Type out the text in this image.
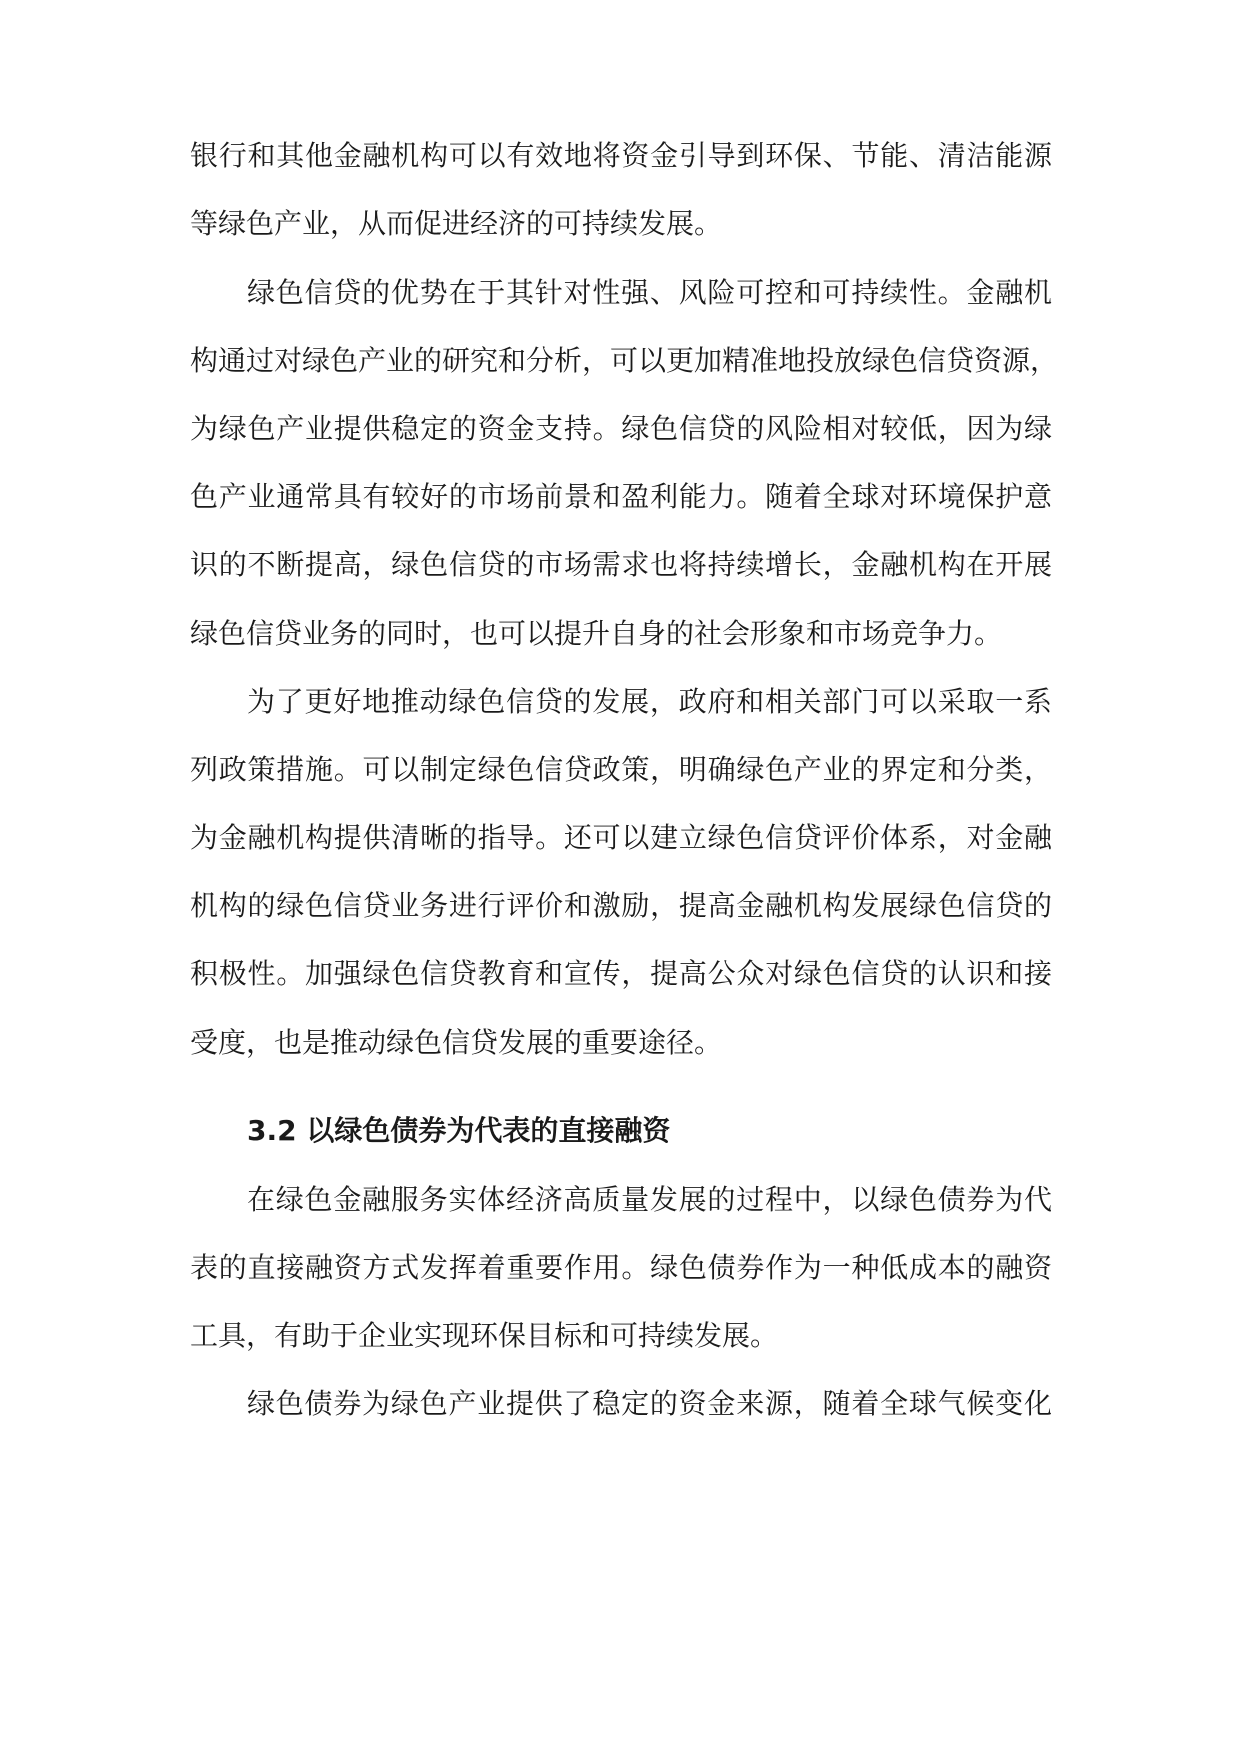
银行和其他金融机构可以有效地将资金引导到环保、节能、清洁能源
等绿色产业，从而促进经济的可持续发展。
绿色信贷的优势在于其针对性强、风险可控和可持续性。金融机
构通过对绿色产业的研究和分析，可以更加精准地投放绿色信贷资源，
为绿色产业提供稳定的资金支持。绿色信贷的风险相对较低，因为绿
色产业通常具有较好的市场前景和盈利能力。随着全球对环境保护意
识的不断提高，绿色信贷的市场需求也将持续增长，金融机构在开展
绿色信贷业务的同时，也可以提升自身的社会形象和市场竞争力。
为了更好地推动绿色信贷的发展，政府和相关部门可以采取一系
列政策措施。可以制定绿色信贷政策，明确绿色产业的界定和分类，
为金融机构提供清晰的指导。还可以建立绿色信贷评价体系，对金融
机构的绿色信贷业务进行评价和激励，提高金融机构发展绿色信贷的
积极性。加强绿色信贷教育和宣传，提高公众对绿色信贷的认识和接
受度，也是推动绿色信贷发展的重要途径。
3.2 以绿色债券为代表的直接融资
在绿色金融服务实体经济高质量发展的过程中，以绿色债券为代
表的直接融资方式发挥着重要作用。绿色债券作为一种低成本的融资
工具，有助于企业实现环保目标和可持续发展。
绿色债券为绿色产业提供了稳定的资金来源，随着全球气候变化
